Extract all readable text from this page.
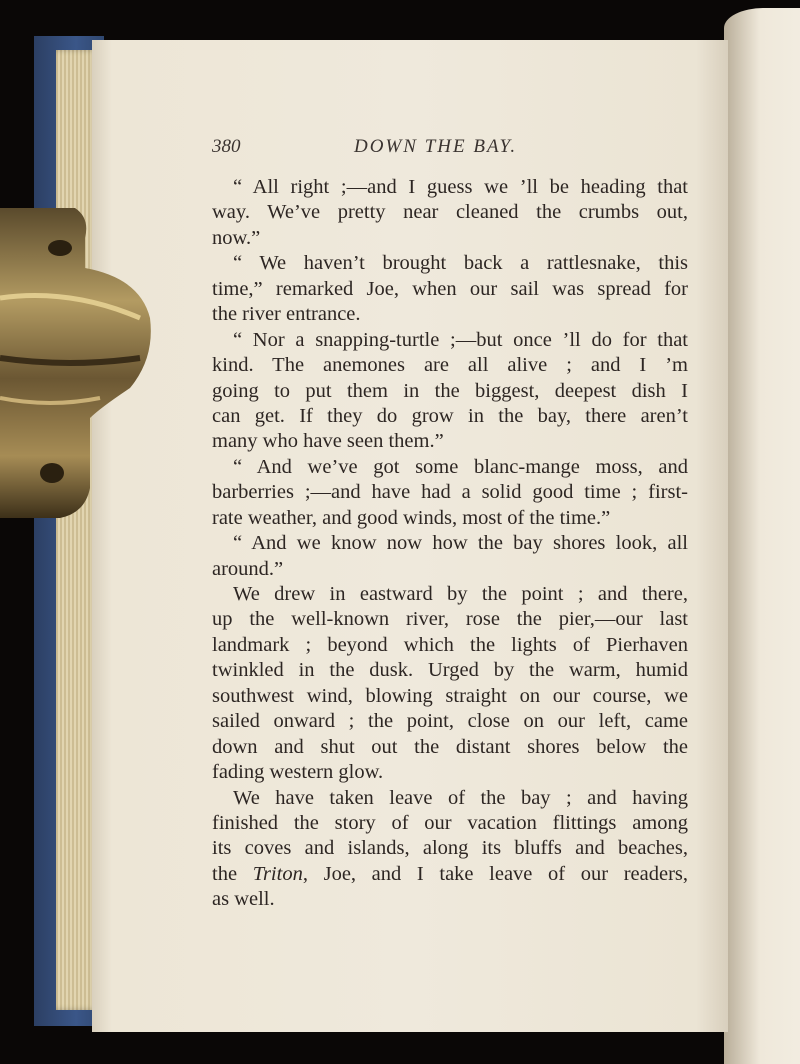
380	DOWN THE BAY.
“ All right ;—and I guess we ’ll be heading that
way. We’ve pretty near cleaned the crumbs out,
now.”
“ We haven’t brought back a rattlesnake, this
time,” remarked Joe, when our sail was spread for
the river entrance.
“ Nor a snapping-turtle ;—but once ’ll do for that
kind. The anemones are all alive ; and I ’m
going to put them in the biggest, deepest dish I
can get. If they do grow in the bay, there aren’t
many who have seen them.”
“ And we’ve got some blanc-mange moss, and
barberries ;—and have had a solid good time ; first-
rate weather, and good winds, most of the time.”
“ And we know now how the bay shores look, all
around.”
We drew in eastward by the point ; and there,
up the well-known river, rose the pier,—our last
landmark ; beyond which the lights of Pierhaven
twinkled in the dusk. Urged by the warm, humid
southwest wind, blowing straight on our course, we
sailed onward ; the point, close on our left, came
down and shut out the distant shores below the
fading western glow.
We have taken leave of the bay ; and having
finished the story of our vacation flittings among
its coves and islands, along its bluffs and beaches,
the Triton, Joe, and I take leave of our readers,
as well.
